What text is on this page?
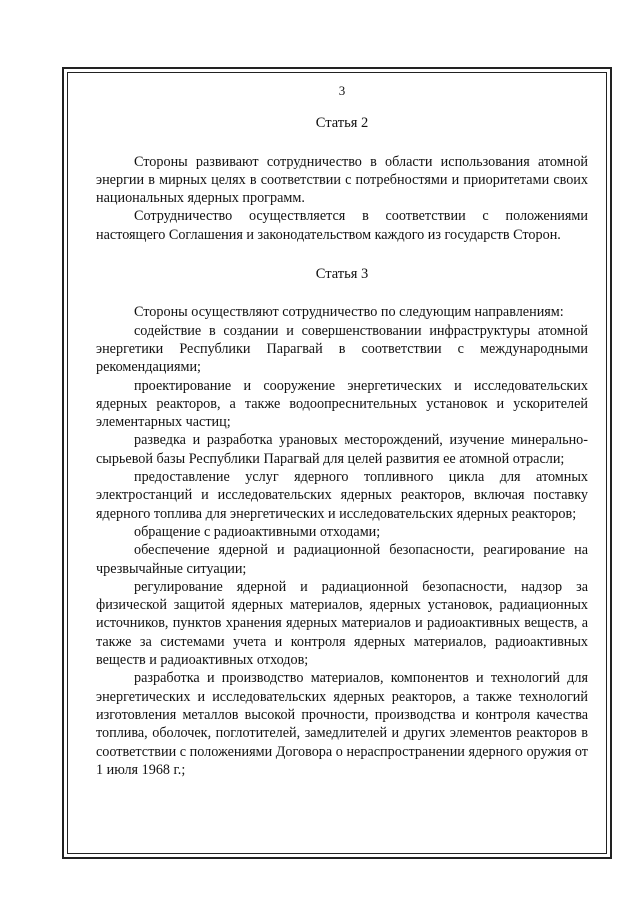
3
Статья 2

Стороны развивают сотрудничество в области использования атомной энергии в мирных целях в соответствии с потребностями и приоритетами своих национальных ядерных программ.

Сотрудничество осуществляется в соответствии с положениями настоящего Соглашения и законодательством каждого из государств Сторон.

Статья 3

Стороны осуществляют сотрудничество по следующим направлениям:

содействие в создании и совершенствовании инфраструктуры атомной энергетики Республики Парагвай в соответствии с международными рекомендациями;

проектирование и сооружение энергетических и исследовательских ядерных реакторов, а также водоопреснительных установок и ускорителей элементарных частиц;

разведка и разработка урановых месторождений, изучение минерально-сырьевой базы Республики Парагвай для целей развития ее атомной отрасли;

предоставление услуг ядерного топливного цикла для атомных электростанций и исследовательских ядерных реакторов, включая поставку ядерного топлива для энергетических и исследовательских ядерных реакторов;

обращение с радиоактивными отходами;

обеспечение ядерной и радиационной безопасности, реагирование на чрезвычайные ситуации;

регулирование ядерной и радиационной безопасности, надзор за физической защитой ядерных материалов, ядерных установок, радиационных источников, пунктов хранения ядерных материалов и радиоактивных веществ, а также за системами учета и контроля ядерных материалов, радиоактивных веществ и радиоактивных отходов;

разработка и производство материалов, компонентов и технологий для энергетических и исследовательских ядерных реакторов, а также технологий изготовления металлов высокой прочности, производства и контроля качества топлива, оболочек, поглотителей, замедлителей и других элементов реакторов в соответствии с положениями Договора о нераспространении ядерного оружия от 1 июля 1968 г.;
